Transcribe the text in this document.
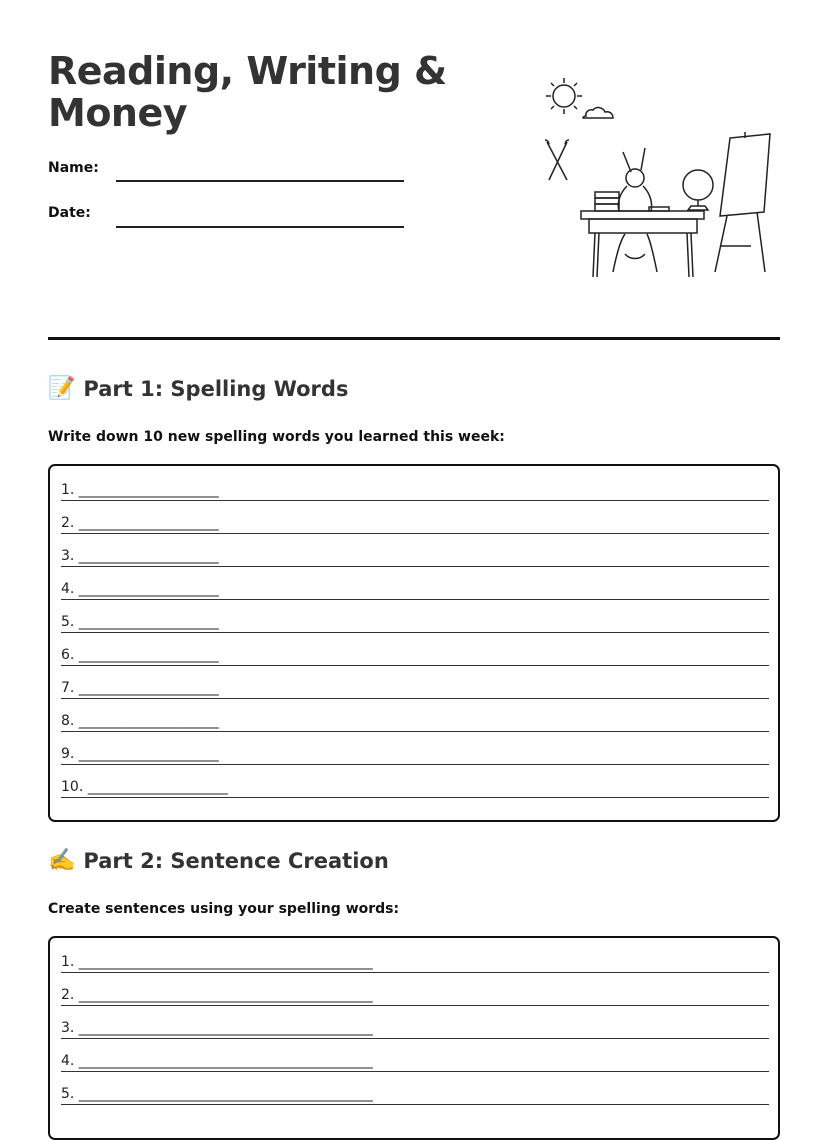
Reading, Writing & Money
Name:
Date:
📝 Part 1: Spelling Words
Write down 10 new spelling words you learned this week:
1. ____________________
2. ____________________
3. ____________________
4. ____________________
5. ____________________
6. ____________________
7. ____________________
8. ____________________
9. ____________________
10. ____________________
✍️ Part 2: Sentence Creation
Create sentences using your spelling words:
1. __________________________________________
2. __________________________________________
3. __________________________________________
4. __________________________________________
5. __________________________________________
